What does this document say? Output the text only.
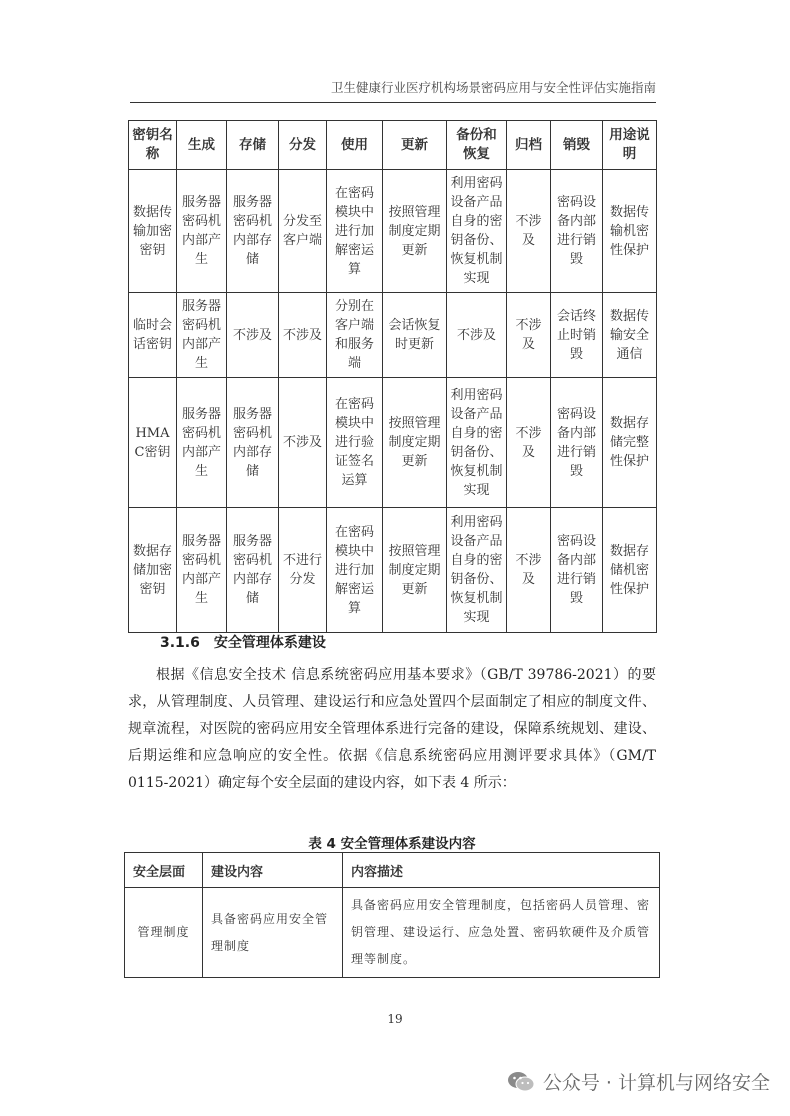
卫生健康行业医疗机构场景密码应用与安全性评估实施指南
密钥名称	生成	存储	分发	使用	更新	备份和恢复	归档	销毁	用途说明
数据传输加密密钥	服务器密码机内部产生	服务器密码机内部存储	分发至客户端	在密码模块中进行加解密运算	按照管理制度定期更新	利用密码设备产品自身的密钥备份、恢复机制实现	不涉及	密码设备内部进行销毁	数据传输机密性保护
临时会话密钥	服务器密码机内部产生	不涉及	不涉及	分别在客户端和服务端	会话恢复时更新	不涉及	不涉及	会话终止时销毁	数据传输安全通信
HMAC密钥	服务器密码机内部产生	服务器密码机内部存储	不涉及	在密码模块中进行验证签名运算	按照管理制度定期更新	利用密码设备产品自身的密钥备份、恢复机制实现	不涉及	密码设备内部进行销毁	数据存储完整性保护
数据存储加密密钥	服务器密码机内部产生	服务器密码机内部存储	不进行分发	在密码模块中进行加解密运算	按照管理制度定期更新	利用密码设备产品自身的密钥备份、恢复机制实现	不涉及	密码设备内部进行销毁	数据存储机密性保护
3.1.6 安全管理体系建设

根据《信息安全技术 信息系统密码应用基本要求》（GB/T 39786-2021）的要求，从管理制度、人员管理、建设运行和应急处置四个层面制定了相应的制度文件、规章流程，对医院的密码应用安全管理体系进行完备的建设，保障系统规划、建设、后期运维和应急响应的安全性。依据《信息系统密码应用测评要求具体》（GM/T 0115-2021）确定每个安全层面的建设内容，如下表 4 所示：

表 4 安全管理体系建设内容
安全层面	建设内容	内容描述
管理制度	具备密码应用安全管理制度	具备密码应用安全管理制度，包括密码人员管理、密钥管理、建设运行、应急处置、密码软硬件及介质管理等制度。
19
公众号 · 计算机与网络安全
